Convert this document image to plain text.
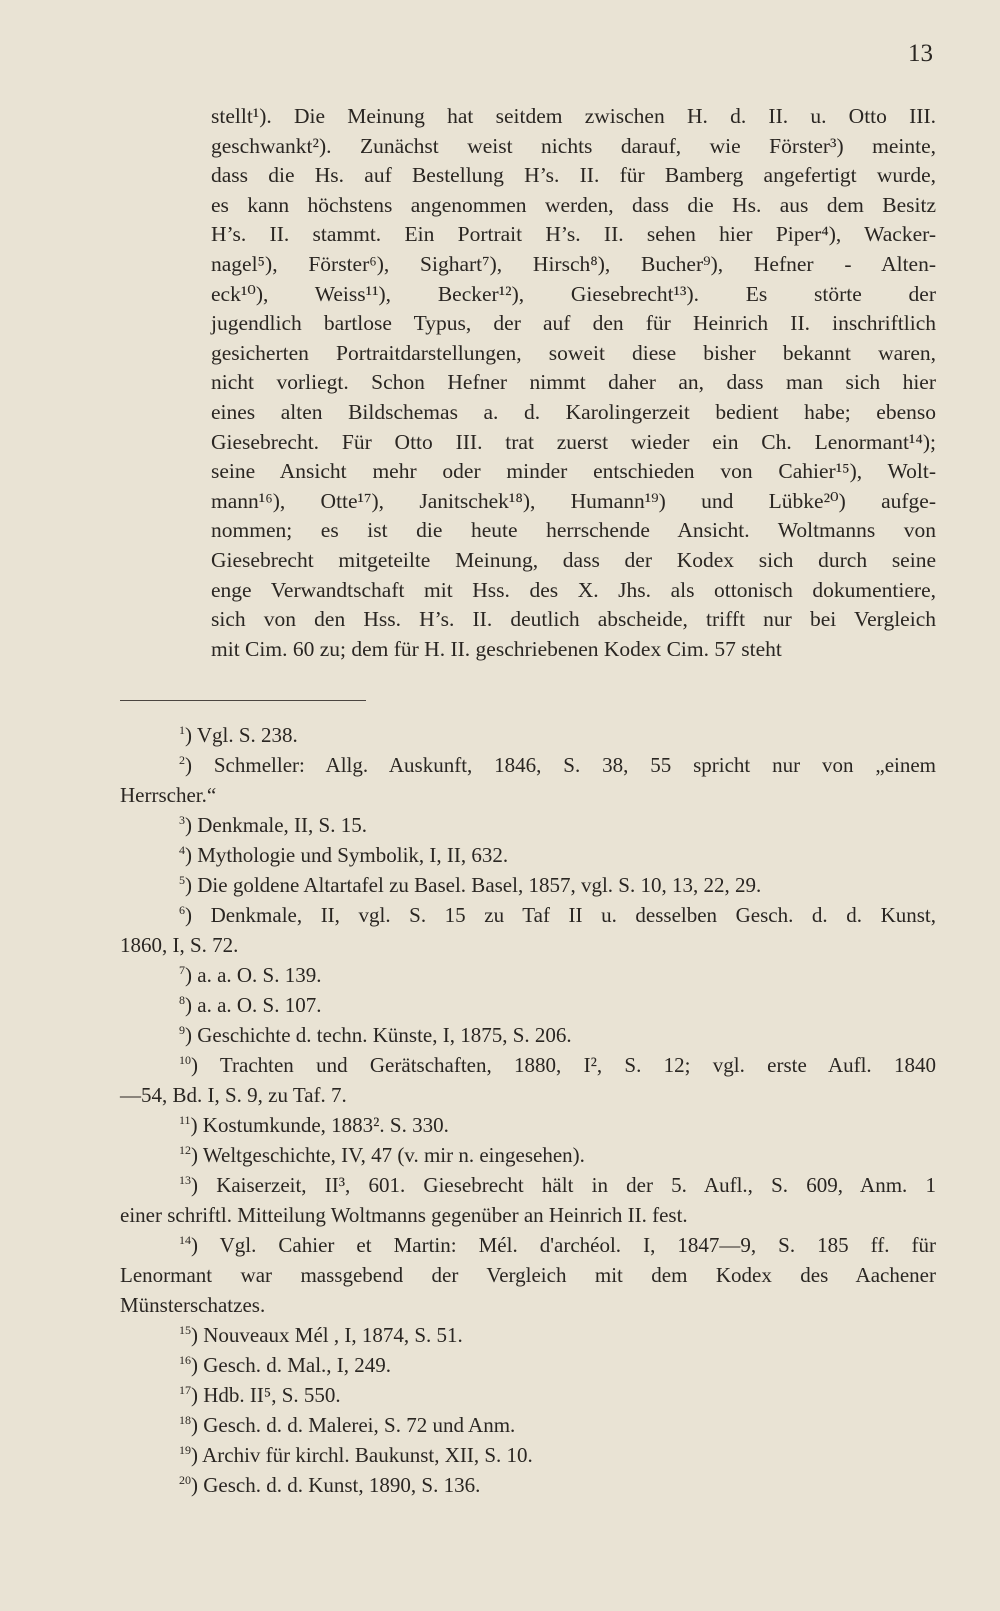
13
stellt¹). Die Meinung hat seitdem zwischen H. d. II. u. Otto III.
geschwankt²). Zunächst weist nichts darauf, wie Förster³) meinte,
dass die Hs. auf Bestellung H’s. II. für Bamberg angefertigt wurde,
es kann höchstens angenommen werden, dass die Hs. aus dem Besitz
H’s. II. stammt. Ein Portrait H’s. II. sehen hier Piper⁴), Wacker-
nagel⁵), Förster⁶), Sighart⁷), Hirsch⁸), Bucher⁹), Hefner - Alten-
eck¹⁰), Weiss¹¹), Becker¹²), Giesebrecht¹³). Es störte der
jugendlich bartlose Typus, der auf den für Heinrich II. inschriftlich
gesicherten Portraitdarstellungen, soweit diese bisher bekannt waren,
nicht vorliegt. Schon Hefner nimmt daher an, dass man sich hier
eines alten Bildschemas a. d. Karolingerzeit bedient habe; ebenso
Giesebrecht. Für Otto III. trat zuerst wieder ein Ch. Lenormant¹⁴);
seine Ansicht mehr oder minder entschieden von Cahier¹⁵), Wolt-
mann¹⁶), Otte¹⁷), Janitschek¹⁸), Humann¹⁹) und Lübke²⁰) aufge-
nommen; es ist die heute herrschende Ansicht. Woltmanns von
Giesebrecht mitgeteilte Meinung, dass der Kodex sich durch seine
enge Verwandtschaft mit Hss. des X. Jhs. als ottonisch dokumentiere,
sich von den Hss. H’s. II. deutlich abscheide, trifft nur bei Vergleich
mit Cim. 60 zu; dem für H. II. geschriebenen Kodex Cim. 57 steht
$^1$) Vgl. S. 238.
$^2$) Schmeller: Allg. Auskunft, 1846, S. 38, 55 spricht nur von „einem
Herrscher.“
$^3$) Denkmale, II, S. 15.
$^4$) Mythologie und Symbolik, I, II, 632.
$^5$) Die goldene Altartafel zu Basel. Basel, 1857, vgl. S. 10, 13, 22, 29.
$^6$) Denkmale, II, vgl. S. 15 zu Taf II u. desselben Gesch. d. d. Kunst,
1860, I, S. 72.
$^7$) a. a. O. S. 139.
$^8$) a. a. O. S. 107.
$^9$) Geschichte d. techn. Künste, I, 1875, S. 206.
$^{10}$) Trachten und Gerätschaften, 1880, I², S. 12; vgl. erste Aufl. 1840
—54, Bd. I, S. 9, zu Taf. 7.
$^{11}$) Kostumkunde, 1883². S. 330.
$^{12}$) Weltgeschichte, IV, 47 (v. mir n. eingesehen).
$^{13}$) Kaiserzeit, II³, 601. Giesebrecht hält in der 5. Aufl., S. 609, Anm. 1
einer schriftl. Mitteilung Woltmanns gegenüber an Heinrich II. fest.
$^{14}$) Vgl. Cahier et Martin: Mél. d'archéol. I, 1847—9, S. 185 ff. für
Lenormant war massgebend der Vergleich mit dem Kodex des Aachener
Münsterschatzes.
$^{15}$) Nouveaux Mél , I, 1874, S. 51.
$^{16}$) Gesch. d. Mal., I, 249.
$^{17}$) Hdb. II⁵, S. 550.
$^{18}$) Gesch. d. d. Malerei, S. 72 und Anm.
$^{19}$) Archiv für kirchl. Baukunst, XII, S. 10.
$^{20}$) Gesch. d. d. Kunst, 1890, S. 136.
